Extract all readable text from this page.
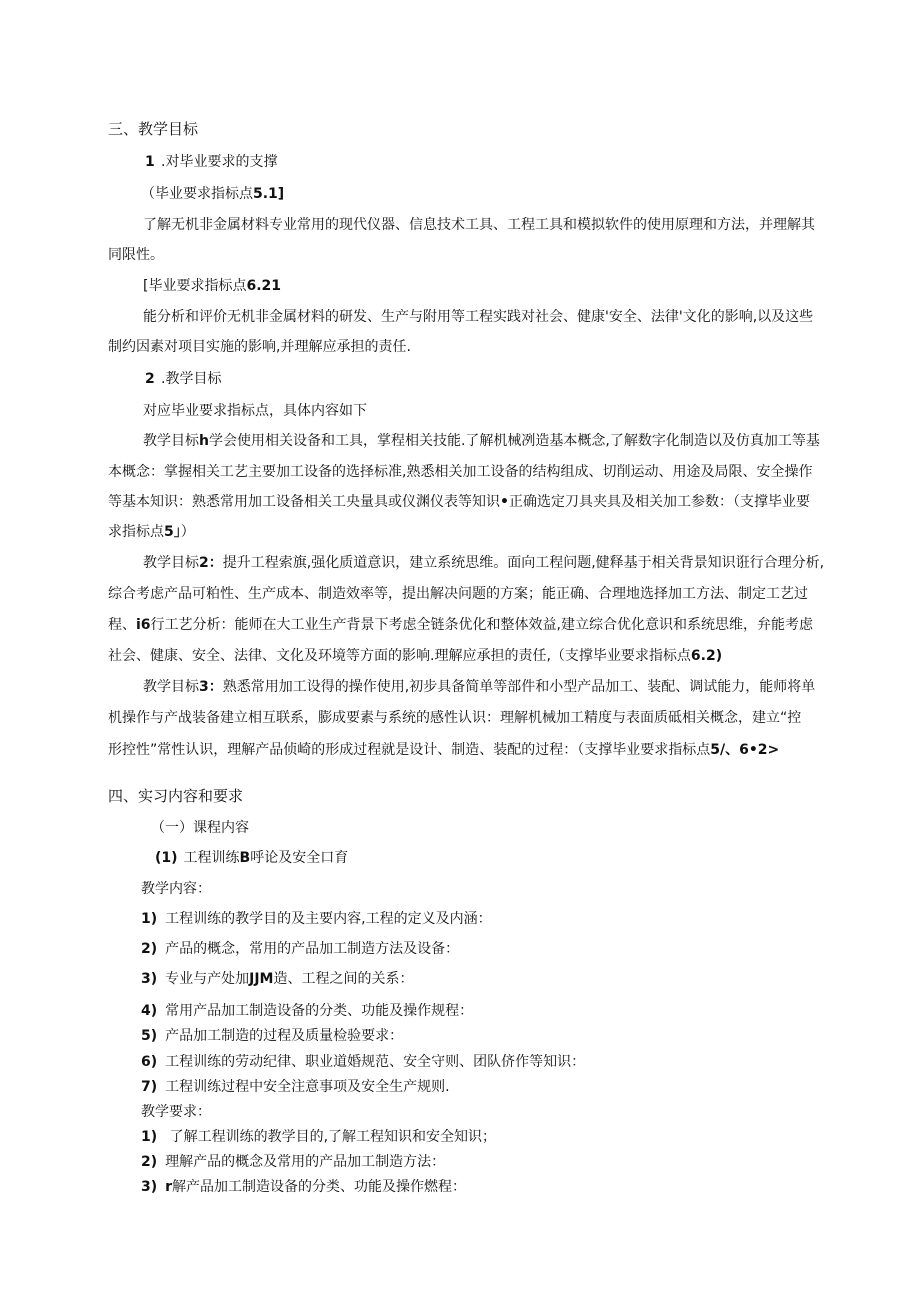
三、教学目标
1 .对毕业要求的支撑
（毕业要求指标点5.1]
了解无机非金属材料专业常用的现代仪器、信息技术工具、工程工具和模拟软件的使用原理和方法，并理解其
同限性。
[毕业要求指标点6.21
能分析和评价无机非金属材料的研发、生产与附用等工程实践对社会、健康'安全、法律'文化的影响,以及这些
制约因素对项目实施的影响,并理解应承担的责任.
2 .教学目标
对应毕业要求指标点，具体内容如下
教学目标h学会使用相关设备和工具，掌程相关技能.了解机械冽造基本概念,了解数字化制造以及仿真加工等基
本概念：掌握相关工艺主要加工设备的选择标准,熟悉相关加工设备的结构组成、切削运动、用途及局限、安全操作
等基本知识：熟悉常用加工设备相关工央量具或仪渊仪表等知识•正确选定刀具夹具及相关加工参数：（支撑毕业要
求指标点5」）
教学目标2：提升工程索旗,强化质道意识，建立系统思维。面向工程问题,健释基于相关背景知识诳行合理分析,
综合考虑产品可粕性、生产成本、制造效率等，提出解决问题的方案；能正确、合理地选择加工方法、制定工艺过
程、i6行工艺分析：能师在大工业生产背景下考虑全链条优化和整体效益,建立综合优化意识和系统思维，弁能考虑
社会、健康、安全、法律、文化及环境等方面的影响.理解应承担的责任,（支撑毕业要求指标点6.2)
教学目标3：熟悉常用加工设得的操作使用,初步具备简单等部件和小型产品加工、装配、调试能力，能师将单
机操作与产战装备建立相互联系，膨成要素与系统的感性认识：理解机械加工精度与表面质砥相关概念，建立“控
形控性”常性认识，理解产品侦崎的形成过程就是设计、制造、装配的过程：（支撑毕业要求指标点5/、6•2>
四、实习内容和要求
（一）课程内容
(1) 工程训练B呼论及安全口育
教学内容：
1) 工程训练的教学目的及主要内容,工程的定义及内涵：
2) 产品的概念，常用的产品加工制造方法及设备：
3) 专业与产处加JJM造、工程之间的关系：
4) 常用产品加工制造设备的分类、功能及操作规程：
5) 产品加工制造的过程及质量检验要求：
6) 工程训练的劳动纪律、职业道婚规范、安全守则、团队侪作等知识：
7) 工程训练过程中安全注意事项及安全生产规则.
教学要求：
1) 了解工程训练的教学目的,了解工程知识和安全知识；
2) 理解产品的概念及常用的产品加工制造方法：
3) r解产品加工制造设备的分类、功能及操作燃程：
